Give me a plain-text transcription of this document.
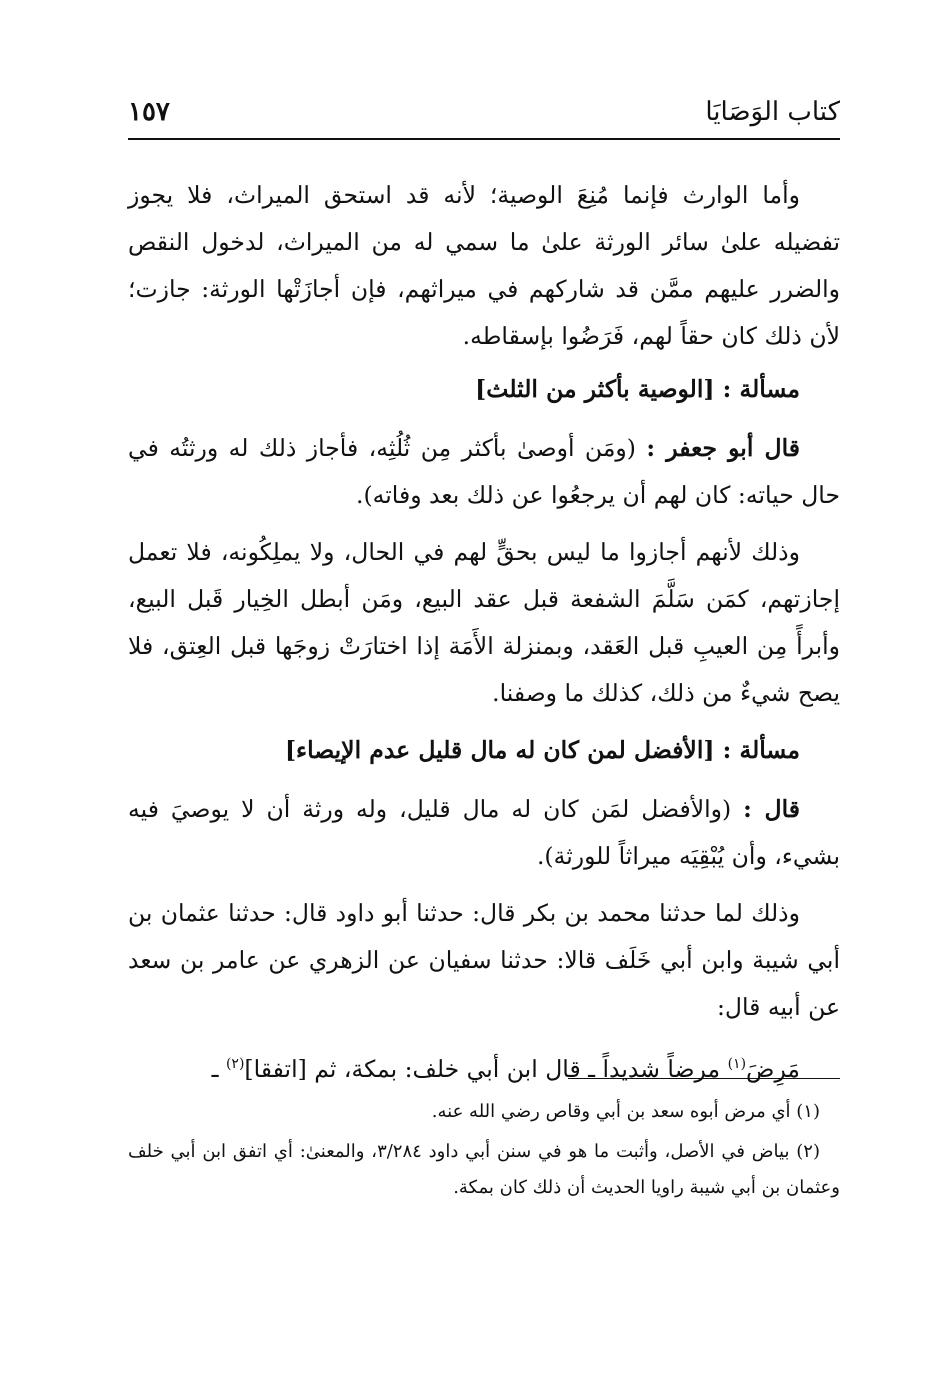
كتاب الوَصَايَا
١٥٧

وأما الوارث فإنما مُنِعَ الوصية؛ لأنه قد استحق الميراث، فلا يجوز تفضيله علىٰ سائر الورثة علىٰ ما سمي له من الميراث، لدخول النقص والضرر عليهم ممَّن قد شاركهم في ميراثهم، فإن أجازَتْها الورثة: جازت؛ لأن ذلك كان حقاً لهم، فَرَضُوا بإسقاطه.

مسألة : [الوصية بأكثر من الثلث]

قال أبو جعفر : (ومَن أوصىٰ بأكثر مِن ثُلُثِه، فأجاز ذلك له ورثتُه في حال حياته: كان لهم أن يرجعُوا عن ذلك بعد وفاته).

وذلك لأنهم أجازوا ما ليس بحقٍّ لهم في الحال، ولا يملِكُونه، فلا تعمل إجازتهم، كمَن سَلَّمَ الشفعة قبل عقد البيع، ومَن أبطل الخِيار قَبل البيع، وأبرأً مِن العيبِ قبل العَقد، وبمنزلة الأَمَة إذا اختارَتْ زوجَها قبل العِتق، فلا يصح شيءٌ من ذلك، كذلك ما وصفنا.

مسألة : [الأفضل لمن كان له مال قليل عدم الإيصاء]

قال : (والأفضل لمَن كان له مال قليل، وله ورثة أن لا يوصيَ فيه بشيء، وأن يُبْقِيَه ميراثاً للورثة).

وذلك لما حدثنا محمد بن بكر قال: حدثنا أبو داود قال: حدثنا عثمان بن أبي شيبة وابن أبي خَلَف قالا: حدثنا سفيان عن الزهري عن عامر بن سعد عن أبيه قال:

مَرِضَ$^{(١)}$ مرضاً شديداً ـ قال ابن أبي خلف: بمكة، ثم [اتفقا]$^{(٢)}$ ـ

(١) أي مرض أبوه سعد بن أبي وقاص رضي الله عنه.

(٢) بياض في الأصل، وأثبت ما هو في سنن أبي داود ٣/٢٨٤، والمعنىٰ: أي اتفق ابن أبي خلف وعثمان بن أبي شيبة راويا الحديث أن ذلك كان بمكة.
